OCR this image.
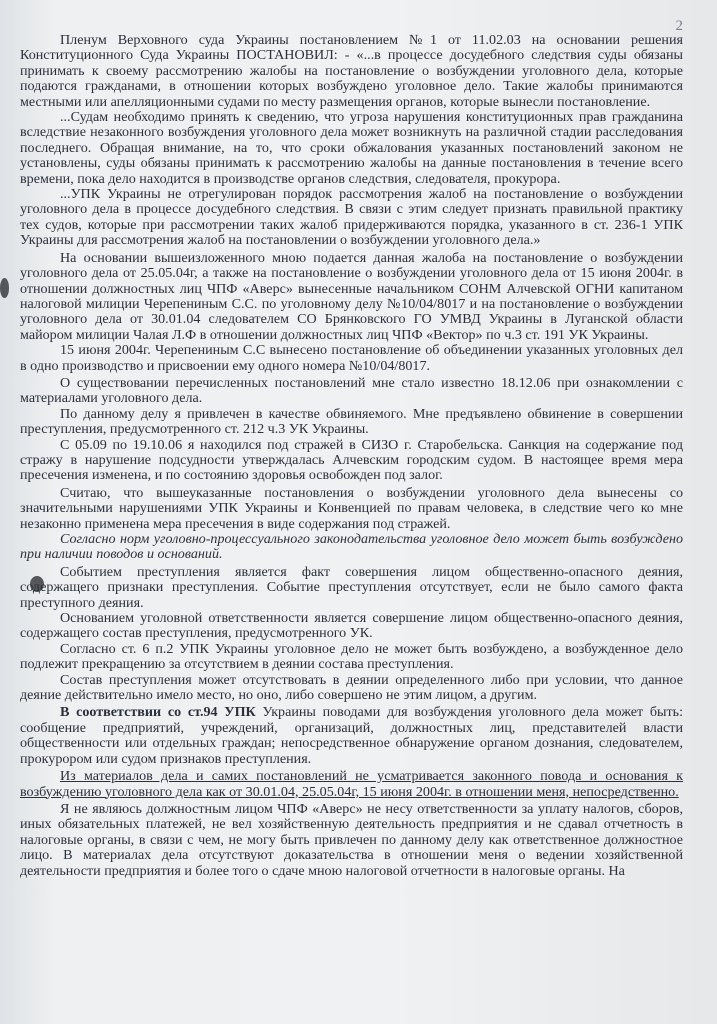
2

Пленум Верховного суда Украины постановлением №1 от 11.02.03 на основании решения Конституционного Суда Украины ПОСТАНОВИЛ: - «...в процессе досудебного следствия суды обязаны принимать к своему рассмотрению жалобы на постановление о возбуждении уголовного дела, которые подаются гражданами, в отношении которых возбуждено уголовное дело. Такие жалобы принимаются местными или апелляционными судами по месту размещения органов, которые вынесли постановление.

...Судам необходимо принять к сведению, что угроза нарушения конституционных прав гражданина вследствие незаконного возбуждения уголовного дела может возникнуть на различной стадии расследования последнего. Обращая внимание, на то, что сроки обжалования указанных постановлений законом не установлены, суды обязаны принимать к рассмотрению жалобы на данные постановления в течение всего времени, пока дело находится в производстве органов следствия, следователя, прокурора.

...УПК Украины не отрегулирован порядок рассмотрения жалоб на постановление о возбуждении уголовного дела в процессе досудебного следствия. В связи с этим следует признать правильной практику тех судов, которые при рассмотрении таких жалоб придерживаются порядка, указанного в ст. 236-1 УПК Украины для рассмотрения жалоб на постановлении о возбуждении уголовного дела.»

На основании вышеизложенного мною подается данная жалоба на постановление о возбуждении уголовного дела от 25.05.04г, а также на постановление о возбуждении уголовного дела от 15 июня 2004г. в отношении должностных лиц ЧПФ «Аверс» вынесенные начальником СОНМ Алчевской ОГНИ капитаном налоговой милиции Черепениным С.С. по уголовному делу №10/04/8017 и на постановление о возбуждении уголовного дела от 30.01.04 следователем СО Брянковского ГО УМВД Украины в Луганской области майором милиции Чалая Л.Ф в отношении должностных лиц ЧПФ «Вектор» по ч.3 ст. 191 УК Украины.

15 июня 2004г. Черепениным С.С вынесено постановление об объединении указанных уголовных дел в одно производство и присвоении ему одного номера №10/04/8017.

О существовании перечисленных постановлений мне стало известно 18.12.06 при ознакомлении с материалами уголовного дела.

По данному делу я привлечен в качестве обвиняемого. Мне предъявлено обвинение в совершении преступления, предусмотренного ст. 212 ч.3 УК Украины.

С 05.09 по 19.10.06 я находился под стражей в СИЗО г. Старобельска. Санкция на содержание под стражу в нарушение подсудности утверждалась Алчевским городским судом. В настоящее время мера пресечения изменена, и по состоянию здоровья освобожден под залог.

Считаю, что вышеуказанные постановления о возбуждении уголовного дела вынесены со значительными нарушениями УПК Украины и Конвенцией по правам человека, в следствие чего ко мне незаконно применена мера пресечения в виде содержания под стражей.

Согласно норм уголовно-процессуального законодательства уголовное дело может быть возбуждено при наличии поводов и оснований.

Событием преступления является факт совершения лицом общественно-опасного деяния, содержащего признаки преступления. Событие преступления отсутствует, если не было самого факта преступного деяния.

Основанием уголовной ответственности является совершение лицом общественно-опасного деяния, содержащего состав преступления, предусмотренного УК.

Согласно ст. 6 п.2 УПК Украины уголовное дело не может быть возбуждено, а возбужденное дело подлежит прекращению за отсутствием в деянии состава преступления.

Состав преступления может отсутствовать в деянии определенного либо при условии, что данное деяние действительно имело место, но оно, либо совершено не этим лицом, а другим.

В соответствии со ст.94 УПК Украины поводами для возбуждения уголовного дела может быть: сообщение предприятий, учреждений, организаций, должностных лиц, представителей власти общественности или отдельных граждан; непосредственное обнаружение органом дознания, следователем, прокурором или судом признаков преступления.

Из материалов дела и самих постановлений не усматривается законного повода и основания к возбуждению уголовного дела как от 30.01.04, 25.05.04г, 15 июня 2004г. в отношении меня, непосредственно.

Я не являюсь должностным лицом ЧПФ «Аверс» не несу ответственности за уплату налогов, сборов, иных обязательных платежей, не вел хозяйственную деятельность предприятия и не сдавал отчетность в налоговые органы, в связи с чем, не могу быть привлечен по данному делу как ответственное должностное лицо. В материалах дела отсутствуют доказательства в отношении меня о ведении хозяйственной деятельности предприятия и более того о сдаче мною налоговой отчетности в налоговые органы. На
